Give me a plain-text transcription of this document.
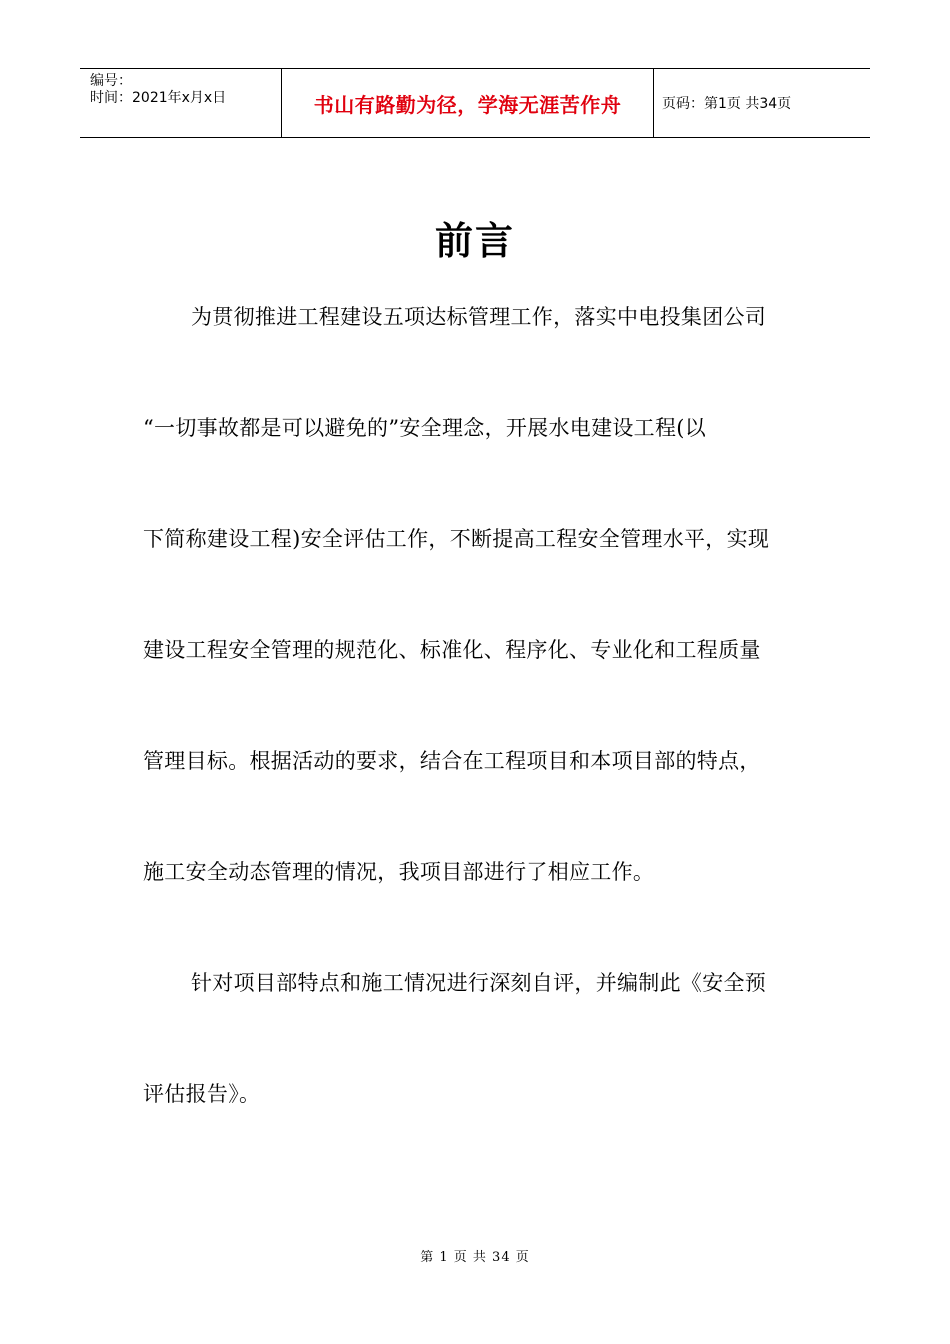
编号：
时间：2021年x月x日	书山有路勤为径，学海无涯苦作舟	页码：第1页 共34页
前言
为贯彻推进工程建设五项达标管理工作，落实中电投集团公司
“一切事故都是可以避免的”安全理念，开展水电建设工程(以
下简称建设工程)安全评估工作，不断提高工程安全管理水平，实现
建设工程安全管理的规范化、标准化、程序化、专业化和工程质量
管理目标。根据活动的要求，结合在工程项目和本项目部的特点，
施工安全动态管理的情况，我项目部进行了相应工作。
针对项目部特点和施工情况进行深刻自评，并编制此《安全预
评估报告》。
第 1 页 共 34 页
